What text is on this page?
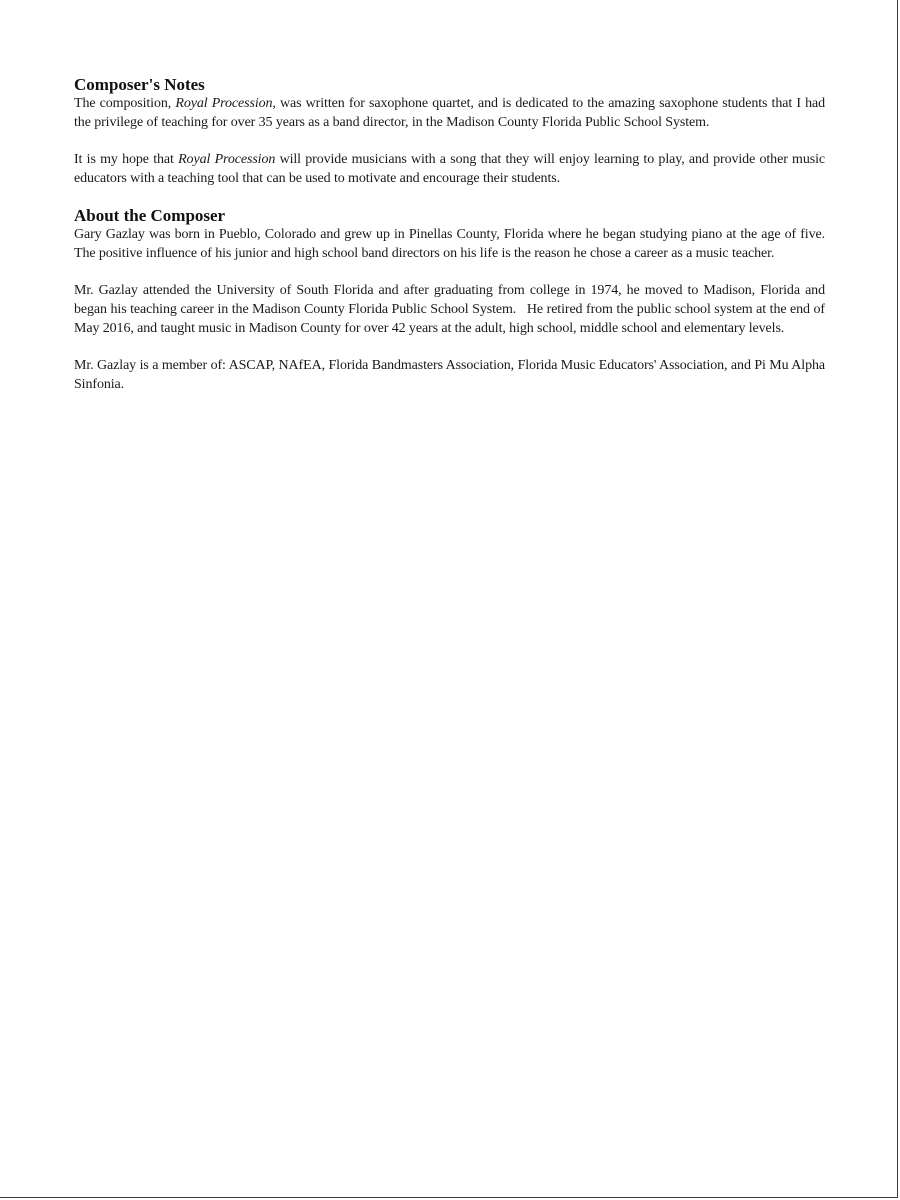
Composer's Notes

The composition, Royal Procession, was written for saxophone quartet, and is dedicated to the amazing saxophone students that I had the privilege of teaching for over 35 years as a band director, in the Madison County Florida Public School System.

It is my hope that Royal Procession will provide musicians with a song that they will enjoy learning to play, and provide other music educators with a teaching tool that can be used to motivate and encourage their students.

About the Composer

Gary Gazlay was born in Pueblo, Colorado and grew up in Pinellas County, Florida where he began studying piano at the age of five. The positive influence of his junior and high school band directors on his life is the reason he chose a career as a music teacher.

Mr. Gazlay attended the University of South Florida and after graduating from college in 1974, he moved to Madison, Florida and began his teaching career in the Madison County Florida Public School System.   He retired from the public school system at the end of May 2016, and taught music in Madison County for over 42 years at the adult, high school, middle school and elementary levels.

Mr. Gazlay is a member of: ASCAP, NAfEA, Florida Bandmasters Association, Florida Music Educators' Association, and Pi Mu Alpha Sinfonia.
